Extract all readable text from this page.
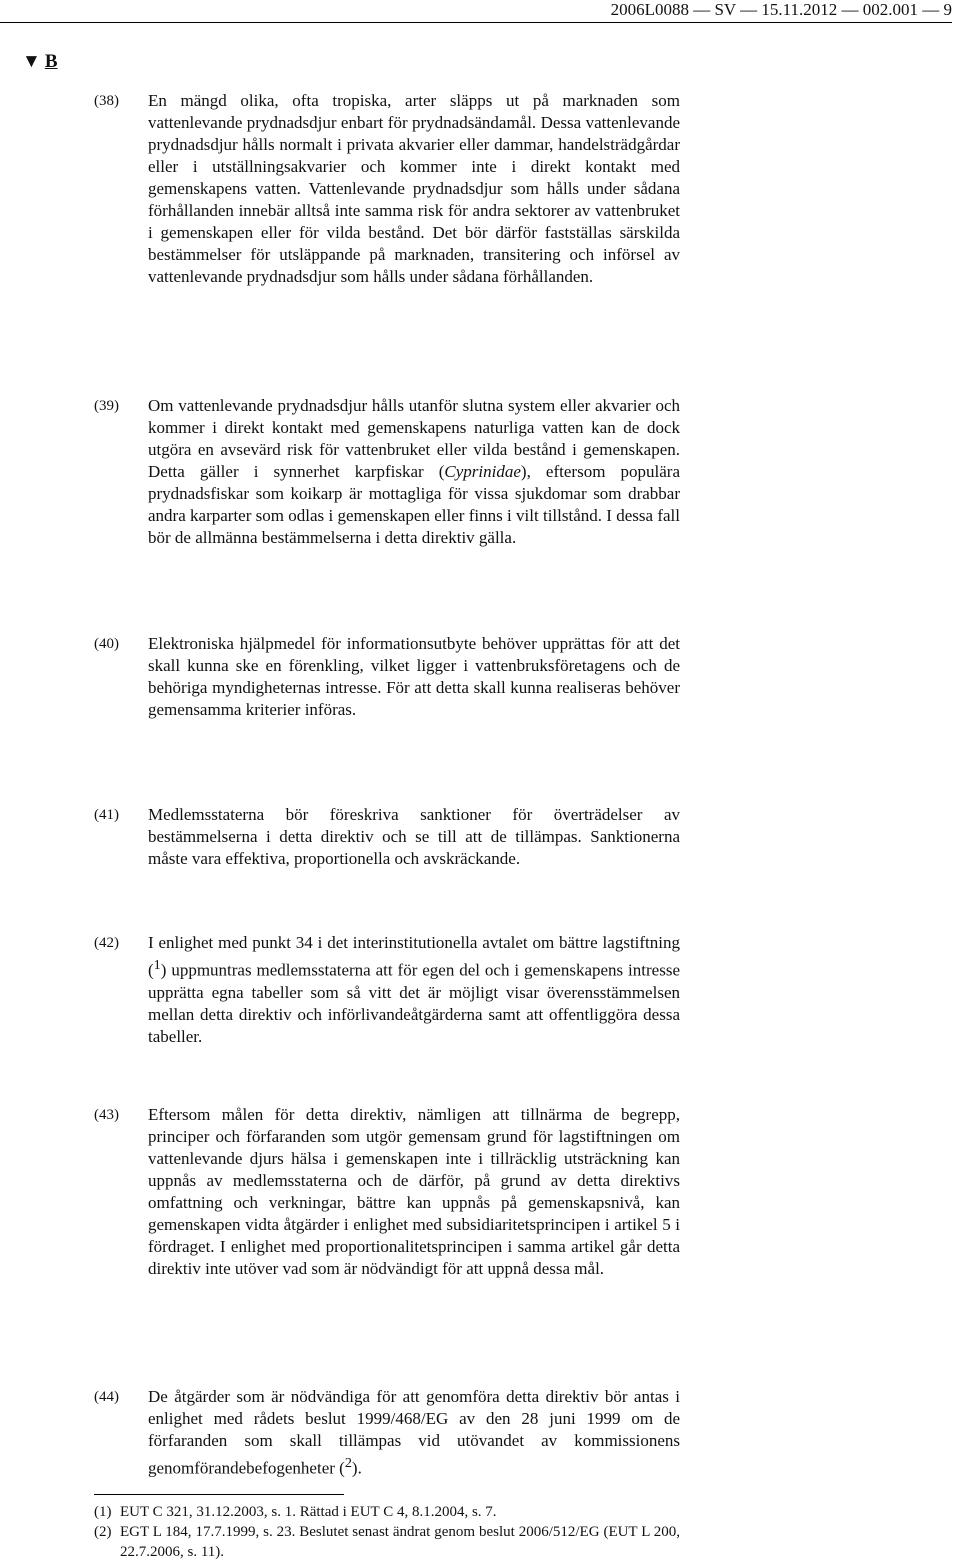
2006L0088 — SV — 15.11.2012 — 002.001 — 9
▼ B
(38) En mängd olika, ofta tropiska, arter släpps ut på marknaden som vattenlevande prydnadsdjur enbart för prydnadsändamål. Dessa vattenlevande prydnadsdjur hålls normalt i privata akvarier eller dammar, handelsträdgårdar eller i utställningsakvarier och kommer inte i direkt kontakt med gemenskapens vatten. Vattenlevande prydnadsdjur som hålls under sådana förhållanden innebär alltså inte samma risk för andra sektorer av vattenbruket i gemenskapen eller för vilda bestånd. Det bör därför fastställas särskilda bestämmelser för utsläppande på marknaden, transitering och införsel av vattenlevande prydnadsdjur som hålls under sådana förhållanden.
(39) Om vattenlevande prydnadsdjur hålls utanför slutna system eller akvarier och kommer i direkt kontakt med gemenskapens naturliga vatten kan de dock utgöra en avsevärd risk för vattenbruket eller vilda bestånd i gemenskapen. Detta gäller i synnerhet karpfiskar (Cyprinidae), eftersom populära prydnadsfiskar som koikarp är mottagliga för vissa sjukdomar som drabbar andra karparter som odlas i gemenskapen eller finns i vilt tillstånd. I dessa fall bör de allmänna bestämmelserna i detta direktiv gälla.
(40) Elektroniska hjälpmedel för informationsutbyte behöver upprättas för att det skall kunna ske en förenkling, vilket ligger i vattenbruksföretagens och de behöriga myndigheternas intresse. För att detta skall kunna realiseras behöver gemensamma kriterier införas.
(41) Medlemsstaterna bör föreskriva sanktioner för överträdelser av bestämmelserna i detta direktiv och se till att de tillämpas. Sanktionerna måste vara effektiva, proportionella och avskräckande.
(42) I enlighet med punkt 34 i det interinstitutionella avtalet om bättre lagstiftning ($^1$) uppmuntras medlemsstaterna att för egen del och i gemenskapens intresse upprätta egna tabeller som så vitt det är möjligt visar överensstämmelsen mellan detta direktiv och införlivandeåtgärderna samt att offentliggöra dessa tabeller.
(43) Eftersom målen för detta direktiv, nämligen att tillnärma de begrepp, principer och förfaranden som utgör gemensam grund för lagstiftningen om vattenlevande djurs hälsa i gemenskapen inte i tillräcklig utsträckning kan uppnås av medlemsstaterna och de därför, på grund av detta direktivs omfattning och verkningar, bättre kan uppnås på gemenskapsnivå, kan gemenskapen vidta åtgärder i enlighet med subsidiaritetsprincipen i artikel 5 i fördraget. I enlighet med proportionalitetsprincipen i samma artikel går detta direktiv inte utöver vad som är nödvändigt för att uppnå dessa mål.
(44) De åtgärder som är nödvändiga för att genomföra detta direktiv bör antas i enlighet med rådets beslut 1999/468/EG av den 28 juni 1999 om de förfaranden som skall tillämpas vid utövandet av kommissionens genomförandebefogenheter ($^2$).
(1) EUT C 321, 31.12.2003, s. 1. Rättad i EUT C 4, 8.1.2004, s. 7.
(2) EGT L 184, 17.7.1999, s. 23. Beslutet senast ändrat genom beslut 2006/512/EG (EUT L 200, 22.7.2006, s. 11).
